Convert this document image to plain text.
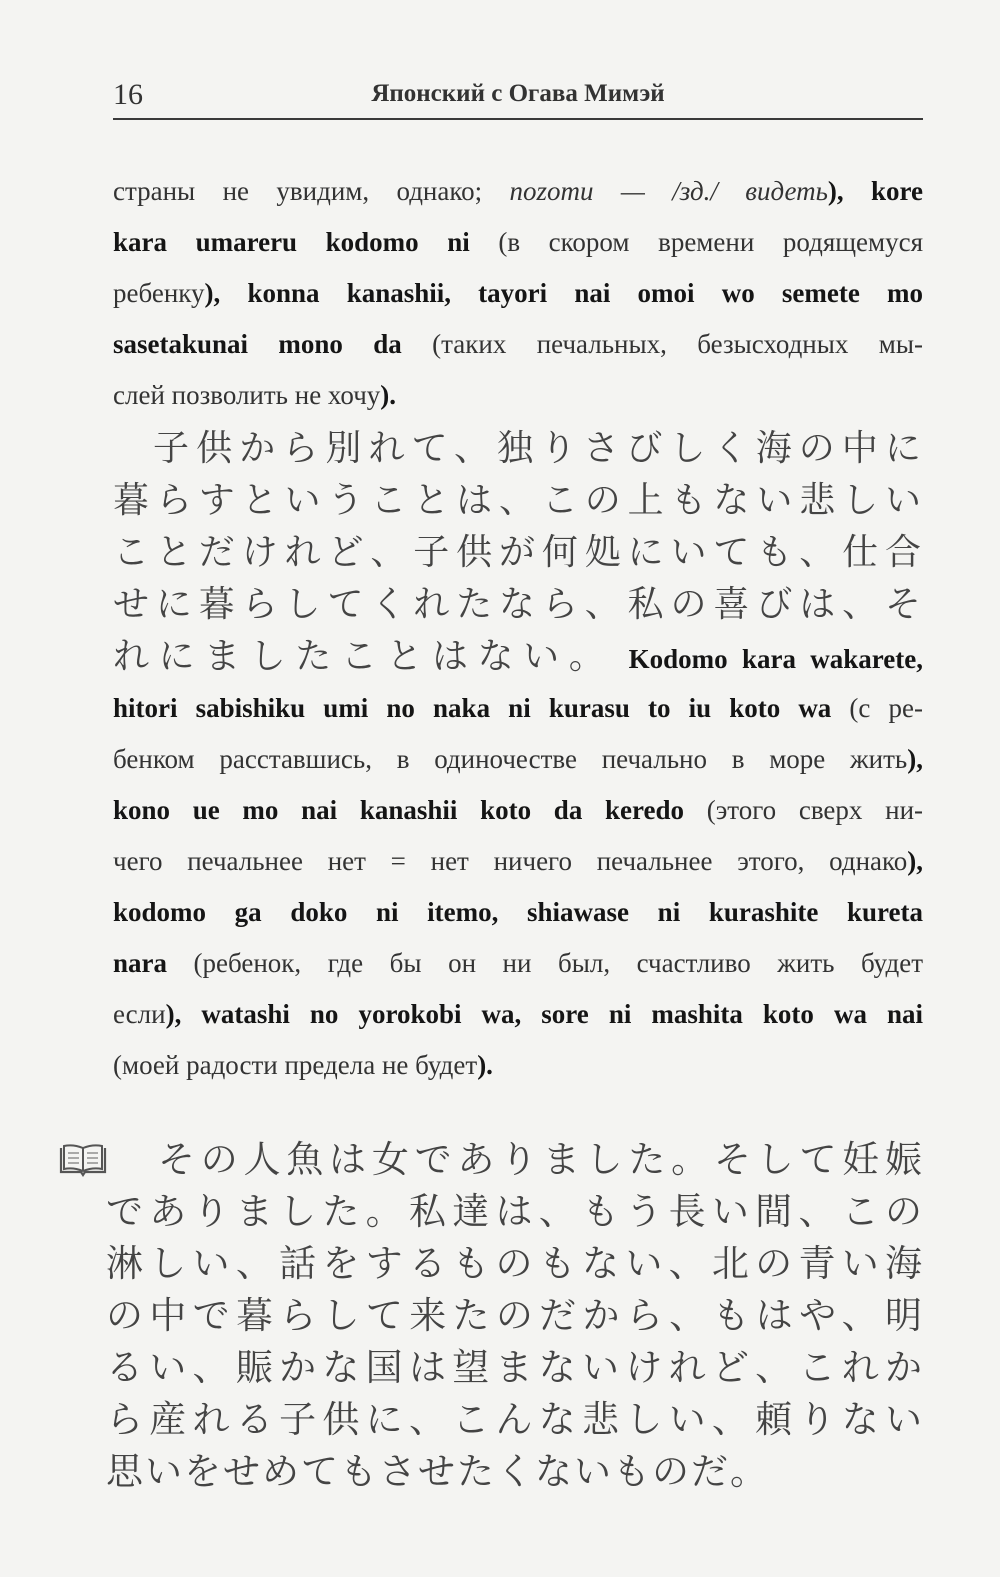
16	Японский с Огава Мимэй
страны не увидим, однако; nozomu — /зд./ видеть), kore
kara umareru kodomo ni (в скором времени родящемуся
ребенку), konna kanashii, tayori nai omoi wo semete mo
sasetakunai mono da (таких печальных, безысходных мы-
слей позволить не хочу).
子供から別れて、独りさびしく海の中に
暮らすということは、この上もない悲しい
ことだけれど、子供が何処にいても、仕合
せに暮らしてくれたなら、私の喜びは、そ
れにましたことはない。 Kodomo kara wakarete,
hitori sabishiku umi no naka ni kurasu to iu koto wa (с ре-
бенком расставшись, в одиночестве печально в море жить),
kono ue mo nai kanashii koto da keredo (этого сверх ни-
чего печальнее нет = нет ничего печальнее этого, однако),
kodomo ga doko ni itemo, shiawase ni kurashite kureta
nara (ребенок, где бы он ни был, счастливо жить будет
если), watashi no yorokobi wa, sore ni mashita koto wa nai
(моей радости предела не будет).
その人魚は女でありました。そして妊娠
でありました。私達は、もう長い間、この
淋しい、話をするものもない、北の青い海
の中で暮らして来たのだから、もはや、明
るい、賑かな国は望まないけれど、これか
ら産れる子供に、こんな悲しい、頼りない
思いをせめてもさせたくないものだ。
